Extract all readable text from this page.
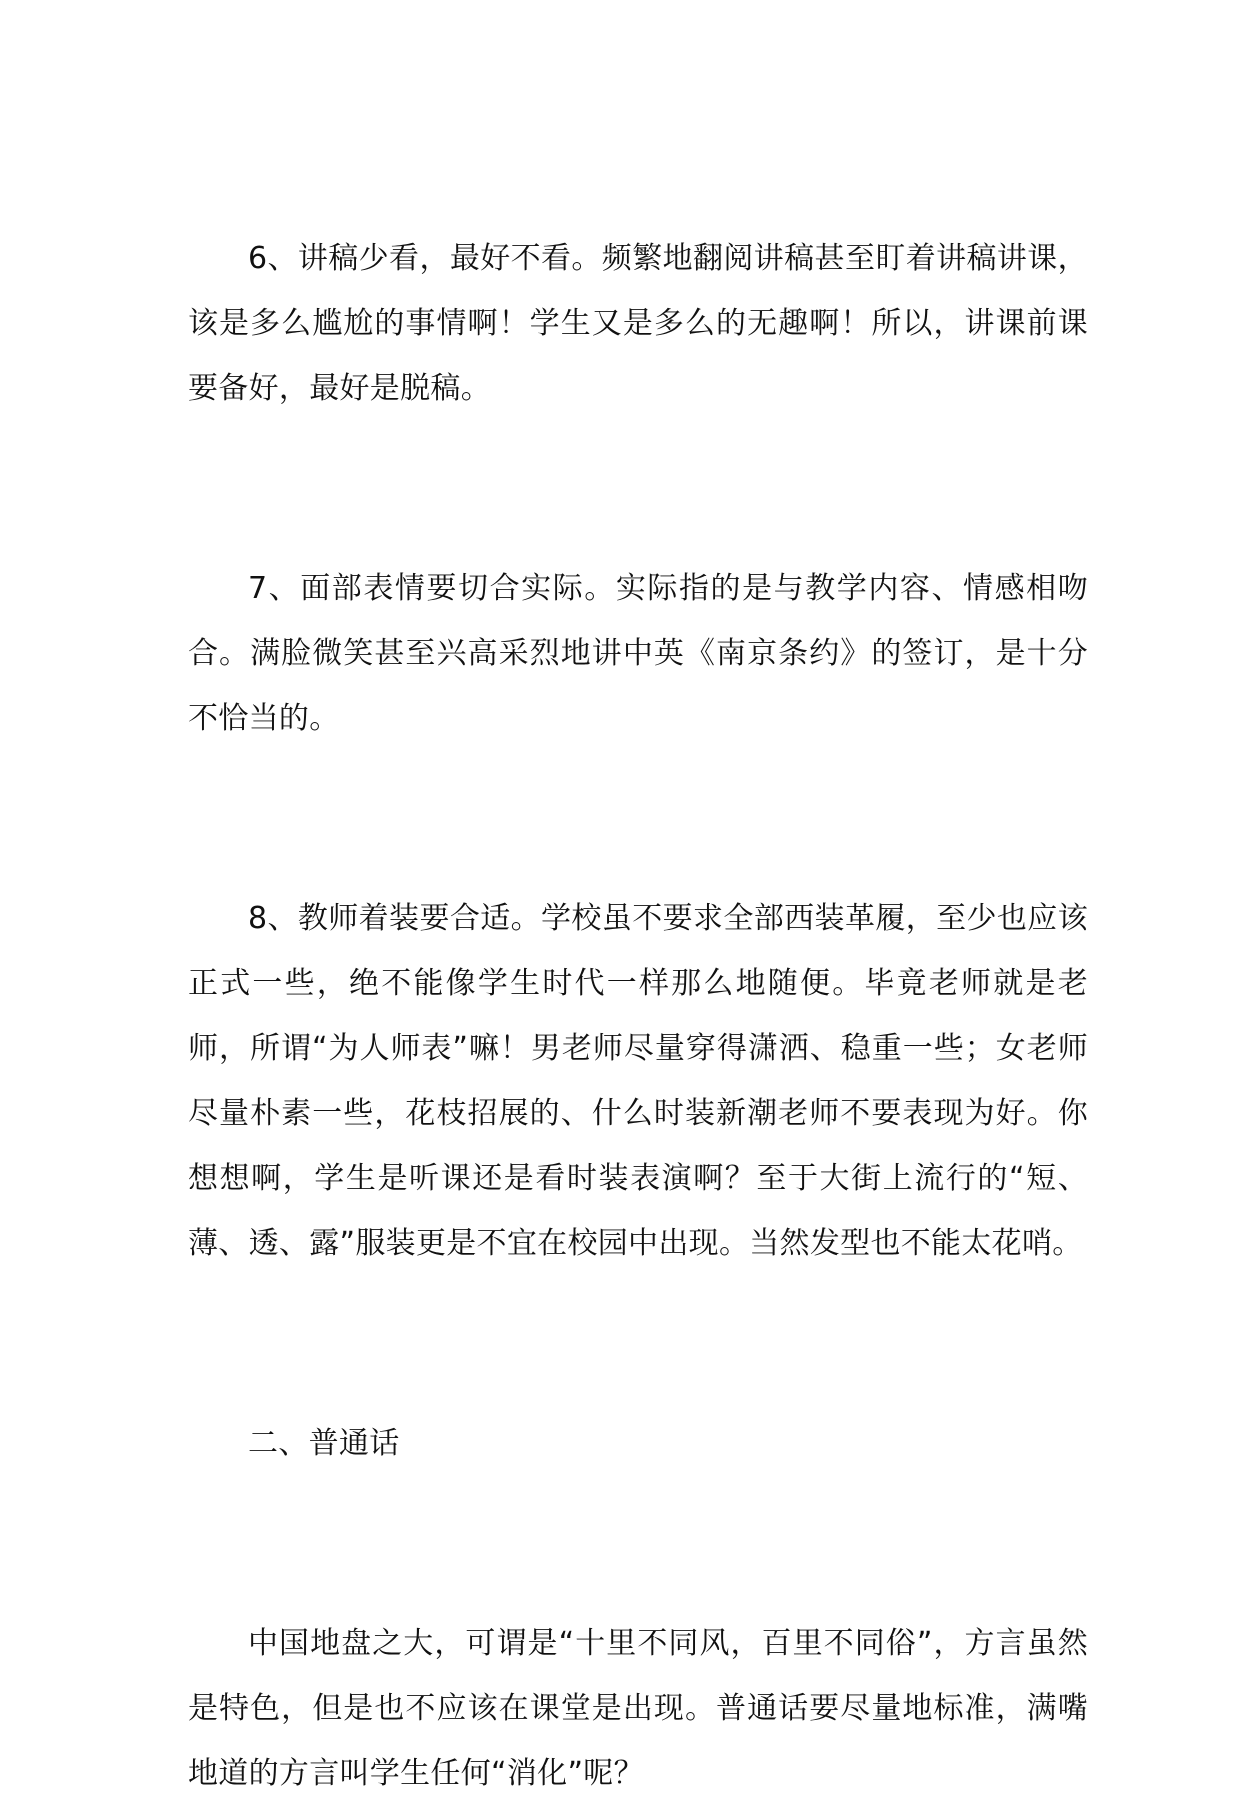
6、讲稿少看，最好不看。频繁地翻阅讲稿甚至盯着讲稿讲课，该是多么尴尬的事情啊！学生又是多么的无趣啊！所以，讲课前课要备好，最好是脱稿。

7、面部表情要切合实际。实际指的是与教学内容、情感相吻合。满脸微笑甚至兴高采烈地讲中英《南京条约》的签订，是十分不恰当的。

8、教师着装要合适。学校虽不要求全部西装革履，至少也应该正式一些，绝不能像学生时代一样那么地随便。毕竟老师就是老师，所谓“为人师表”嘛！男老师尽量穿得潇洒、稳重一些；女老师尽量朴素一些，花枝招展的、什么时装新潮老师不要表现为好。你想想啊，学生是听课还是看时装表演啊？至于大街上流行的“短、薄、透、露”服装更是不宜在校园中出现。当然发型也不能太花哨。

二、普通话

中国地盘之大，可谓是“十里不同风，百里不同俗”，方言虽然是特色，但是也不应该在课堂是出现。普通话要尽量地标准，满嘴地道的方言叫学生任何“消化”呢？
